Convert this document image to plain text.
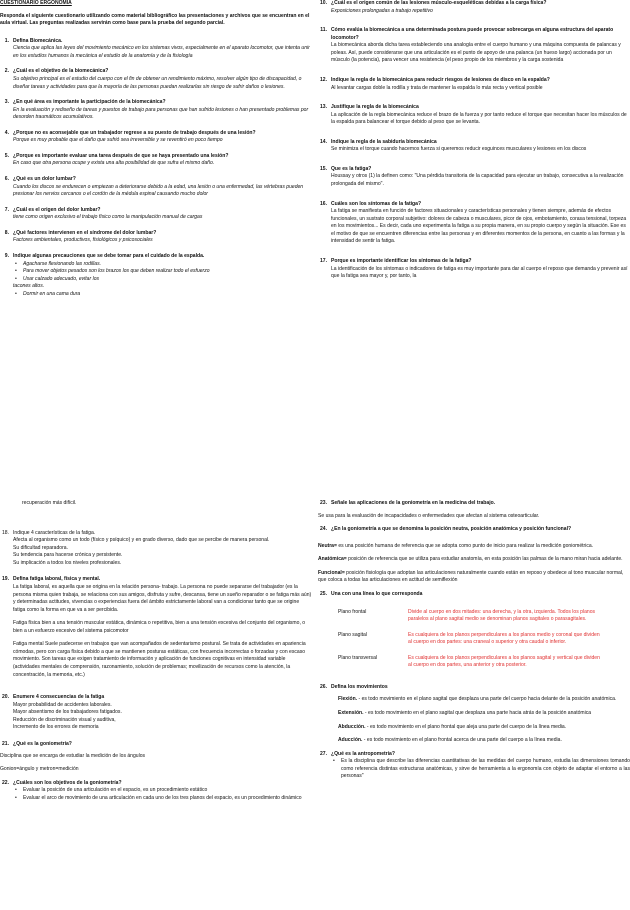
CUESTIONARIO ERGONOMIA
Responda el siguiente cuestionario utilizando como material bibliográfico las presentaciones y archivos que se encuentran en el aula virtual. Las preguntas realizadas servirán como base para la prueba del segundo parcial.
1. Defina Biomecánica.
Ciencia que aplica las leyes del movimiento mecánico en los sistemas vivos, especialmente en el aparato locomotor, que intenta unir en los estudios humanos la mecánica el estudio de la anatomía y de la fisiología
2. ¿Cuál es el objetivo de la biomecánica?
Su objetivo principal es el estudio del cuerpo con el fin de obtener un rendimiento máximo, resolver algún tipo de discapacidad, o diseñar tareas y actividades para que la mayoría de las personas puedan realizarlas sin riesgo de sufrir daños o lesiones.
3. ¿En qué área es importante la participación de la biomecánica?
En la evaluación y rediseño de tareas y puestos de trabajo para personas que han sufrido lesiones o han presentado problemas por desorden traumáticos acumulativos.
4. ¿Porque no es aconsejable que un trabajador regrese a su puesto de trabajo después de una lesión?
Porque es muy probable que el daño que sufrió sea irreversible y se reventiró en poco tiempo
5. ¿Porque es importante evaluar una tarea después de que se haya presentado una lesión?
En caso que otra persona ocupe y exista una alta posibilidad de que sufra el mismo daño.
6. ¿Qué es un dolor lumbar?
Cuando los discos se endurecen o empiezan a deteriorarse debido a la edad, una lesión o una enfermedad, las vértebras pueden presionar los nervios cercanos o el cordón de la médula espinal causando mucho dolor
7. ¿Cuál es el origen del dolor lumbar?
tiene como origen exclusivo el trabajo físico como la manipulación manual de cargas
8. ¿Qué factores intervienen en el síndrome del dolor lumbar?
Factores ambientales, productivos, fisiológicos y psicosociales
9. Indique algunas precauciones que se debe tomar para el cuidado de la espalda.
• Agacharse flexionando las rodillas.
• Para mover objetos pesados son los brazos los que deben realizar todo el esfuerzo
• Usar calzado adecuado, evitar los
tacones altos.
• Dormir en una cama dura
10. ¿Cuál es el origen común de las lesiones músculo-esqueléticas debidas a la carga física?
Exposiciones prolongadas a trabajo repetitivo
11. Cómo evalúa la biomecánica a una determinada postura puede provocar sobrecarga en alguna estructura del aparato locomotor?
La biomecánica aborda dicha tarea estableciendo una analogía entre el cuerpo humano y una máquina compuesta de palancas y poleas. Así, puede considerarse que una articulación es el punto de apoyo de una palanca (un hueso largo) accionada por un músculo (la potencia), para vencer una resistencia (el peso propio de los miembros y la carga sostenida
12. Indique la regla de la biomecánica para reducir riesgos de lesiones de disco en la espalda?
Al levantar cargas doble la rodilla y trata de mantener la espalda lo más recta y vertical posible
13. Justifique la regla de la biomecánica
La aplicación de la regla biomecánica reduce el brazo de la fuerza y por tanto reduce el torque que necesitan hacer los músculos de la espalda para balancear el torque debido al peso que se levanta.
14. Indique la regla de la sabiduría biomecánica
Se minimiza el torque cuando hacemos fuerza si queremos reducir esguinces musculares y lesiones en los discos
15. Que es la fatiga?
Houssay y otros (1) la definen como: "Una pérdida transitoria de la capacidad para ejecutar un trabajo, consecutiva a la realización prolongada del mismo".
16. Cuáles son los síntomas de la fatiga?
La fatiga se manifiesta en función de factores situacionales y características personales y tienen siempre, además de efectos funcionales, un sustrato corporal subjetivo: dolores de cabeza o musculares, picor de ojos, embotamiento, corasa tensional, torpeza en los movimientos... Es decir, cada uno experimenta la fatiga a su propia manera, en su propio cuerpo y según la situación. Ese es el motivo de que se encuentren diferencias entre las personas y en diferentes momentos de la persona, en cuanto a las formas y la intensidad de sentir la fatiga.
17. Porque es importante identificar los síntomas de la fatiga?
La identificación de los síntomas o indicadores de fatiga es muy importante para dar al cuerpo el reposo que demanda y prevenir así que la fatiga sea mayor y, por tanto, la
recuperación más difícil.
18. Indique 4 características de la fatiga.
Afecta al organismo como un todo (físico y psíquico) y en grado diverso, dado que se percibe de manera personal.
Su dificultad reparadora.
Su tendencia para hacerse crónica y persistente.
Su implicación a todos los niveles profesionales.
19. Defina fatiga laboral, física y mental.
La fatiga laboral, es aquella que se origina en la relación persona- trabajo. La persona no puede separarse del trabajador (es la persona misma quien trabaja, se relaciona con sus amigos, disfruta y sufre, descansa, tiene un sueño reparador o se fatiga más aún) y determinadas actitudes, vivencias o experiencias fuera del ámbito estrictamente laboral van a condicionar tanto que se origine fatiga como la forma en que va a ser percibida.
Fatiga física bien a una tensión muscular estática, dinámica o repetitiva, bien a una tensión excesiva del conjunto del organismo, o bien a un esfuerzo excesivo del sistema psicomotor
Fatiga mental Suele padecerse en trabajos que van acompañados de sedentarismo postural. Se trata de actividades en apariencia cómodas, pero con carga física debido a que se mantienen posturas estáticas, con frecuencia incorrectas o forzadas y con escaso movimiento. Son tareas que exigen tratamiento de información y aplicación de funciones cognitivas en intensidad variable (actividades mentales de comprensión, razonamiento, solución de problemas; movilización de recursos como la atención, la concentración, la memoria, etc.)
20. Enumere 4 consecuencias de la fatiga
Mayor probabilidad de accidentes laborales.
Mayor absentismo de los trabajadores fatigados.
Reducción de discriminación visual y auditiva,
Incremento de los errores de memoria
21. ¿Qué es la goniometría?
Disciplina que se encarga de estudiar la medición de los ángulos
Gonion=ángulo y metron=medición
22. ¿Cuáles son los objetivos de la goniometría?
• Evaluar la posición de una articulación en el espacio, es un procedimiento estático
• Evaluar el arco de movimiento de una articulación en cada uno de los tres planos del espacio, es un procedimiento dinámico
23. Señale las aplicaciones de la goniometría en la medicina del trabajo.
Se usa para la evaluación de incapacidades o enfermedades que afectan al sistema osteoarticular.
24. ¿En la goniometría a que se denomina la posición neutra, posición anatómica y posición funcional?
Neutra= es una posición humana de referencia que se adopta como punto de inicio para realizar la medición goniométrica.
Anatómica= posición de referencia que se utiliza para estudiar anatomía, en esta posición las palmas de la mano miran hacia adelante.
Funcional= posición fisiología que adoptan las articulaciones naturalmente cuando están en reposo y obedece al tono muscular normal, que coloca a todas las articulaciones en actitud de semiflexión
25. Una con una línea lo que corresponda
Plano frontal	Divide al cuerpo en dos mitades: una derecha, y la otra, izquierda. Todos los planos paralelos al plano sagital medio se denominan planos sagitales o parasagitales.
Plano sagital	Es cualquiera de los planos perpendiculares a los planos medio y coronal que dividen al cuerpo en dos partes: una craneal o superior y otra caudal o inferior.
Plano transversal	Es cualquiera de los planos perpendiculares a los planos sagital y vertical que dividen al cuerpo en dos partes, una anterior y otra posterior.
26. Defina los movimientos
Flexión. - es todo movimiento en el plano sagital que desplaza una parte del cuerpo hacia delante de la posición anatómica.
Extensión. - es todo movimiento en el plano sagital que desplaza una parte hacia atrás de la posición anatómica
Abducción. - es todo movimiento en el plano frontal que aleja una parte del cuerpo de la línea media.
Aducción. - es todo movimiento en el plano frontal acerca de una parte del cuerpo a la línea media.
27. ¿Qué es la antropometría?
• Es la disciplina que describe las diferencias cuantitativas de las medidas del cuerpo humano, estudia las dimensiones tomando como referencia distintas estructuras anatómicas, y sirve de herramienta a la ergonomía con objeto de adaptar el entorno a las personas"
